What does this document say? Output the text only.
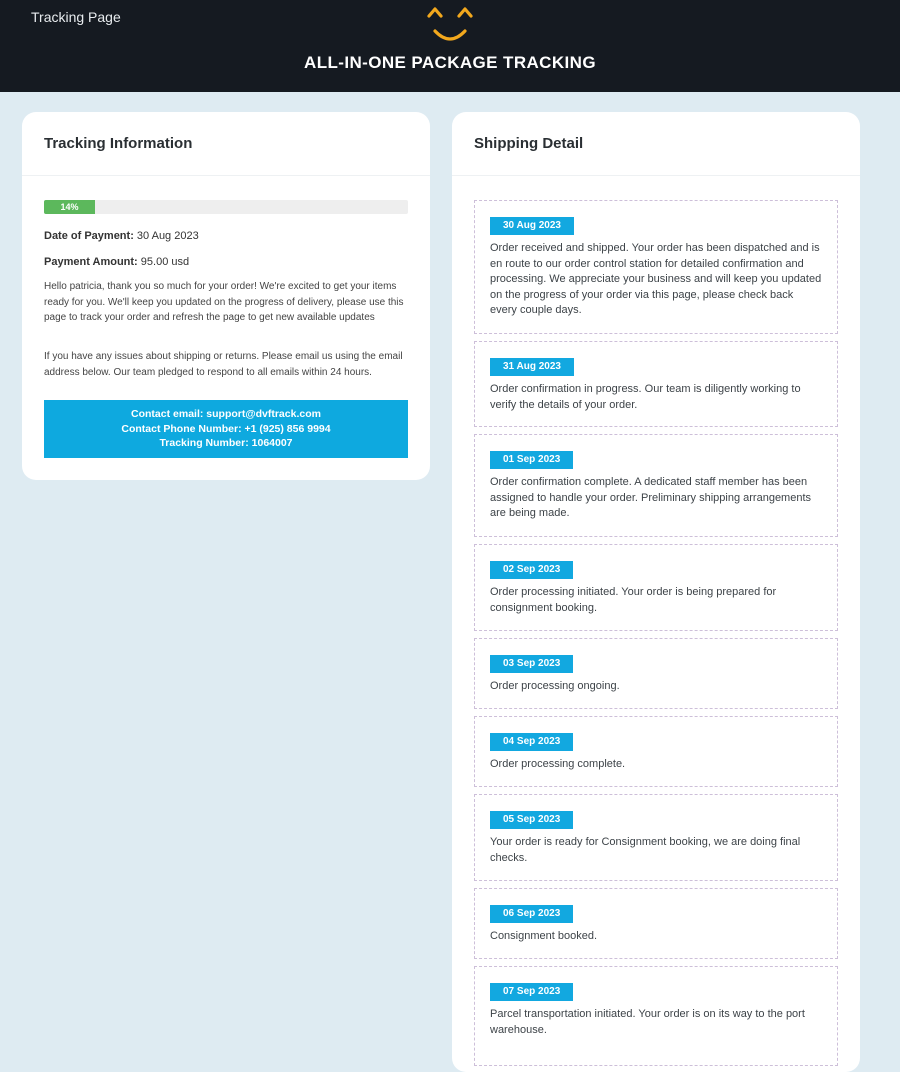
Tracking Page
ALL-IN-ONE PACKAGE TRACKING
Tracking Information
14%
Date of Payment: 30 Aug 2023
Payment Amount: 95.00 usd
Hello patricia, thank you so much for your order! We're excited to get your items ready for you. We'll keep you updated on the progress of delivery, please use this page to track your order and refresh the page to get new available updates
If you have any issues about shipping or returns. Please email us using the email address below. Our team pledged to respond to all emails within 24 hours.
Contact email: support@dvftrack.com
Contact Phone Number: +1 (925) 856 9994
Tracking Number: 1064007
Shipping Detail
30 Aug 2023
Order received and shipped. Your order has been dispatched and is en route to our order control station for detailed confirmation and processing. We appreciate your business and will keep you updated on the progress of your order via this page, please check back every couple days.
31 Aug 2023
Order confirmation in progress. Our team is diligently working to verify the details of your order.
01 Sep 2023
Order confirmation complete. A dedicated staff member has been assigned to handle your order. Preliminary shipping arrangements are being made.
02 Sep 2023
Order processing initiated. Your order is being prepared for consignment booking.
03 Sep 2023
Order processing ongoing.
04 Sep 2023
Order processing complete.
05 Sep 2023
Your order is ready for Consignment booking, we are doing final checks.
06 Sep 2023
Consignment booked.
07 Sep 2023
Parcel transportation initiated. Your order is on its way to the port warehouse.
